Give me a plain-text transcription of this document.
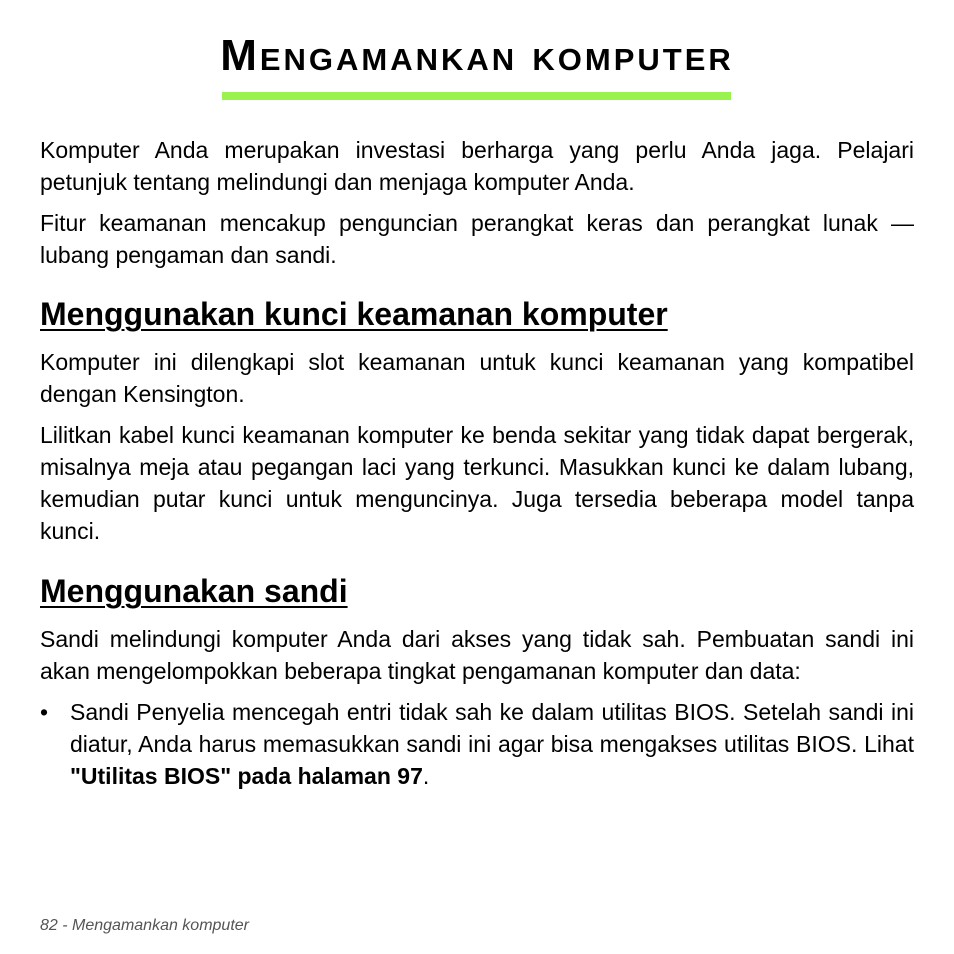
Mengamankan komputer

Komputer Anda merupakan investasi berharga yang perlu Anda jaga. Pelajari petunjuk tentang melindungi dan menjaga komputer Anda.

Fitur keamanan mencakup penguncian perangkat keras dan perangkat lunak — lubang pengaman dan sandi.

Menggunakan kunci keamanan komputer

Komputer ini dilengkapi slot keamanan untuk kunci keamanan yang kompatibel dengan Kensington.

Lilitkan kabel kunci keamanan komputer ke benda sekitar yang tidak dapat bergerak, misalnya meja atau pegangan laci yang terkunci. Masukkan kunci ke dalam lubang, kemudian putar kunci untuk menguncinya. Juga tersedia beberapa model tanpa kunci.

Menggunakan sandi

Sandi melindungi komputer Anda dari akses yang tidak sah. Pembuatan sandi ini akan mengelompokkan beberapa tingkat pengamanan komputer dan data:

• Sandi Penyelia mencegah entri tidak sah ke dalam utilitas BIOS. Setelah sandi ini diatur, Anda harus memasukkan sandi ini agar bisa mengakses utilitas BIOS. Lihat "Utilitas BIOS" pada halaman 97.
82 - Mengamankan komputer
